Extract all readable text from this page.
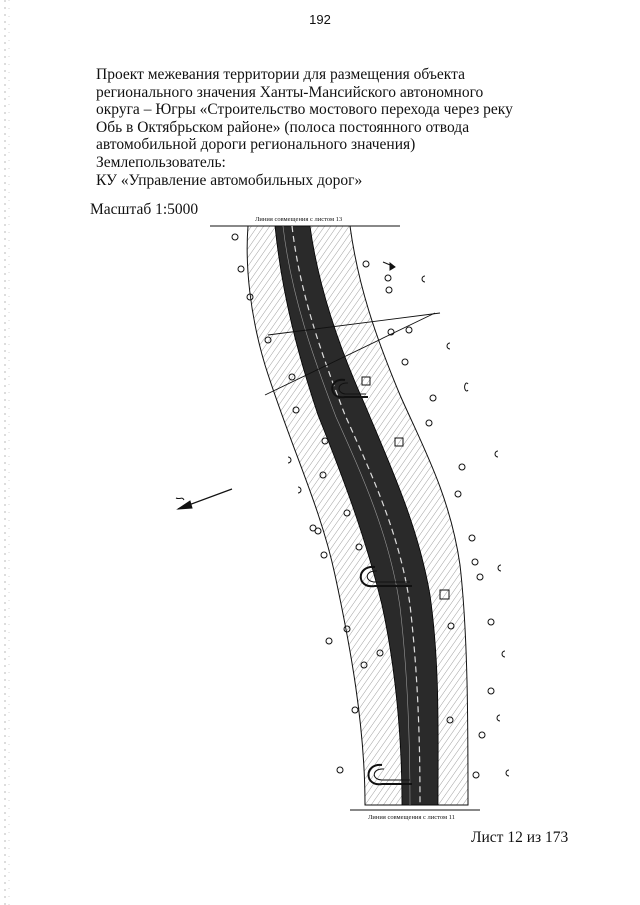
192
Проект межевания территории для размещения объекта
регионального значения Ханты-Мансийского автономного
округа – Югры «Строительство мостового перехода через реку
Обь в Октябрьском районе» (полоса постоянного отвода
автомобильной дороги регионального значения)
Землепользователь:
КУ «Управление автомобильных дорог»
Масштаб 1:5000
Линия совмещения с листом 13
Линия совмещения с листом 11
Лист 12 из 173
